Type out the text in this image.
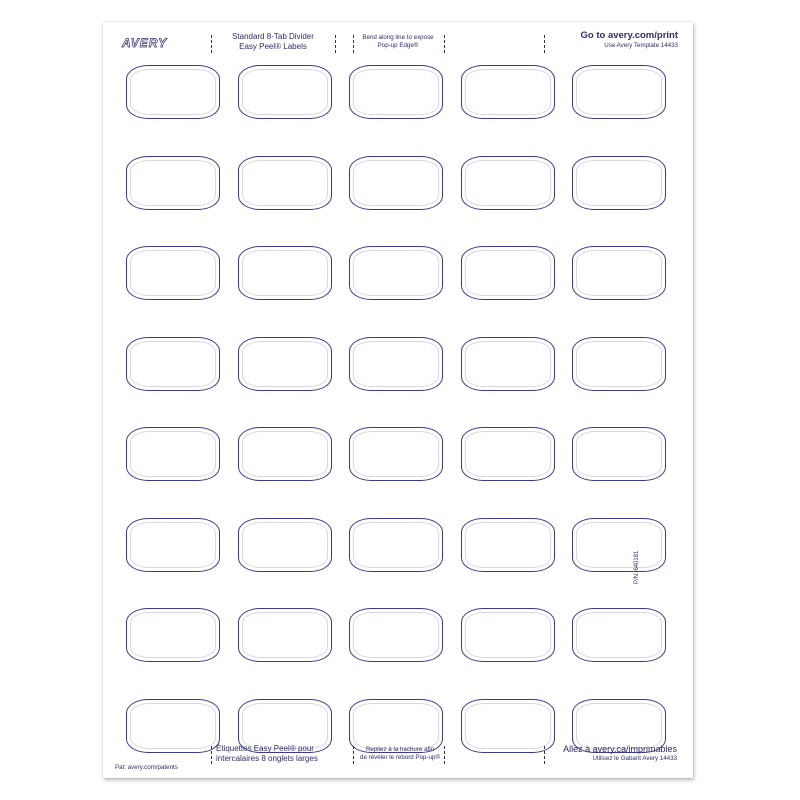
AVERY	Standard 8-Tab Divider
Easy Peel® Labels
Bend along line to expose
Pop-up Edge®
Go to avery.com/print
Use Avery Template 14433
P/N: 640181
Pat: avery.com/patents
Étiquettes Easy Peel® pour
intercalaires 8 onglets larges
Repliez à la hachure afin
de révéler le rebord Pop-up®
Allez à avery.ca/imprimables
Utilisez le Gabarit Avery 14433
